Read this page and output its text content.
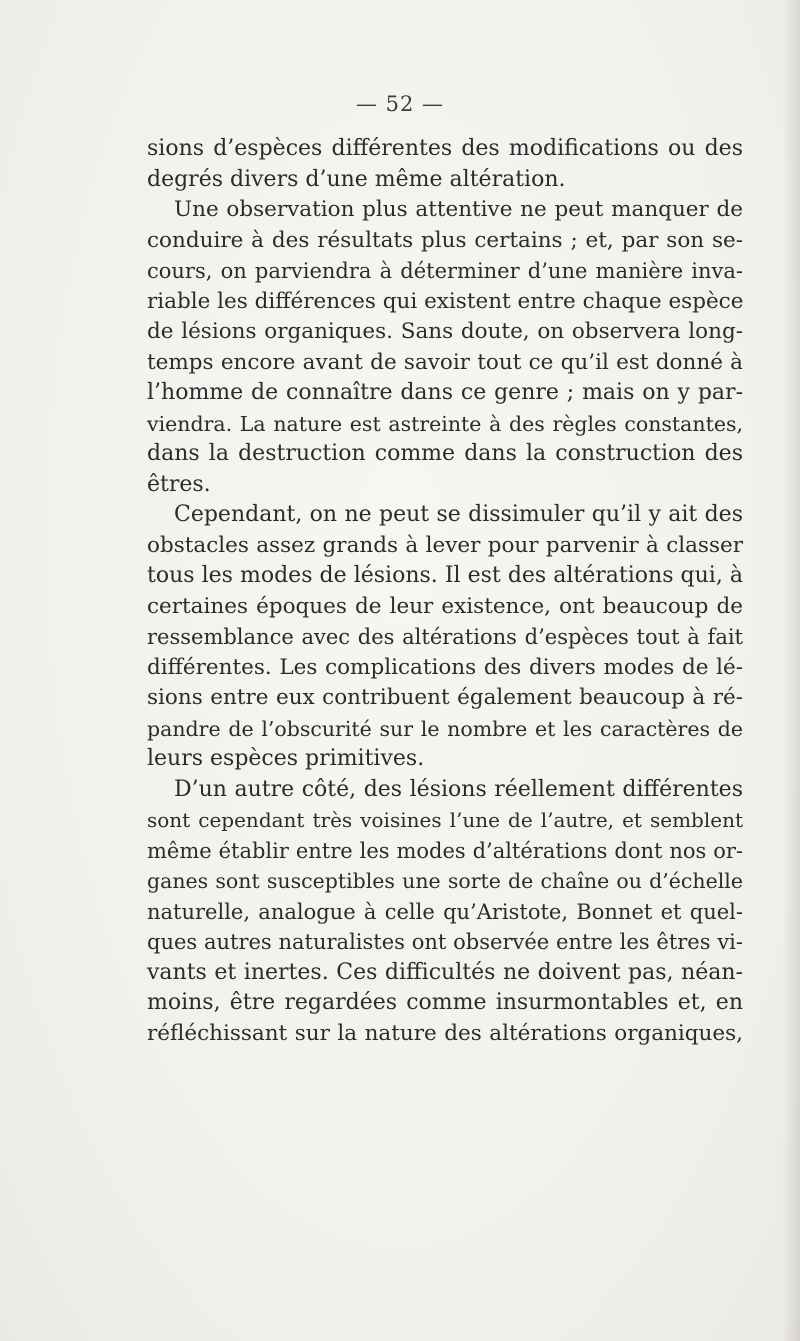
— 52 —
sions d’espèces différentes des modifications ou des
degrés divers d’une même altération.
Une observation plus attentive ne peut manquer de
conduire à des résultats plus certains ; et, par son se-
cours, on parviendra à déterminer d’une manière inva-
riable les différences qui existent entre chaque espèce
de lésions organiques. Sans doute, on observera long-
temps encore avant de savoir tout ce qu’il est donné à
l’homme de connaître dans ce genre ; mais on y par-
viendra. La nature est astreinte à des règles constantes,
dans la destruction comme dans la construction des
êtres.
Cependant, on ne peut se dissimuler qu’il y ait des
obstacles assez grands à lever pour parvenir à classer
tous les modes de lésions. Il est des altérations qui, à
certaines époques de leur existence, ont beaucoup de
ressemblance avec des altérations d’espèces tout à fait
différentes. Les complications des divers modes de lé-
sions entre eux contribuent également beaucoup à ré-
pandre de l’obscurité sur le nombre et les caractères de
leurs espèces primitives.
D’un autre côté, des lésions réellement différentes
sont cependant très voisines l’une de l’autre, et semblent
même établir entre les modes d’altérations dont nos or-
ganes sont susceptibles une sorte de chaîne ou d’échelle
naturelle, analogue à celle qu’Aristote, Bonnet et quel-
ques autres naturalistes ont observée entre les êtres vi-
vants et inertes. Ces difficultés ne doivent pas, néan-
moins, être regardées comme insurmontables et, en
réfléchissant sur la nature des altérations organiques,
